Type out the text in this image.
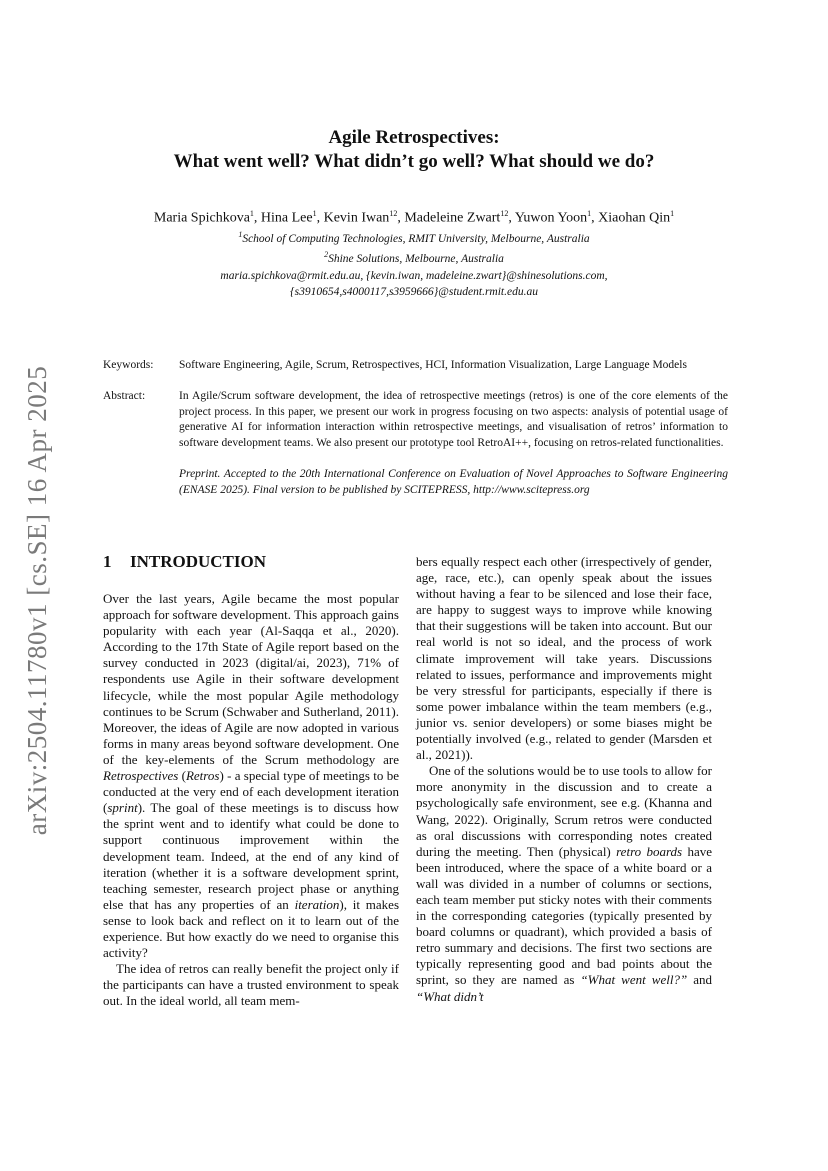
arXiv:2504.11780v1 [cs.SE] 16 Apr 2025
Agile Retrospectives:
What went well? What didn’t go well? What should we do?
Maria Spichkova$^1$, Hina Lee$^1$, Kevin Iwan$^{12}$, Madeleine Zwart$^{12}$, Yuwon Yoon$^1$, Xiaohan Qin$^1$
$^1$School of Computing Technologies, RMIT University, Melbourne, Australia
$^2$Shine Solutions, Melbourne, Australia
maria.spichkova@rmit.edu.au, {kevin.iwan, madeleine.zwart}@shinesolutions.com,
{s3910654,s4000117,s3959666}@student.rmit.edu.au
Keywords: Software Engineering, Agile, Scrum, Retrospectives, HCI, Information Visualization, Large Language Models
Abstract:	In Agile/Scrum software development, the idea of retrospective meetings (retros) is one of the core elements of the project process. In this paper, we present our work in progress focusing on two aspects: analysis of potential usage of generative AI for information interaction within retrospective meetings, and visualisation of retros’ information to software development teams. We also present our prototype tool RetroAI++, focusing on retros-related functionalities.
Preprint. Accepted to the 20th International Conference on Evaluation of Novel Approaches to Software Engineering (ENASE 2025). Final version to be published by SCITEPRESS, http://www.scitepress.org
1 INTRODUCTION

Over the last years, Agile became the most popular approach for software development. This approach gains popularity with each year (Al-Saqqa et al., 2020). According to the 17th State of Agile report based on the survey conducted in 2023 (digital/ai, 2023), 71% of respondents use Agile in their software development lifecycle, while the most popular Agile methodology continues to be Scrum (Schwaber and Sutherland, 2011). Moreover, the ideas of Agile are now adopted in various forms in many areas beyond software development. One of the key-elements of the Scrum methodology are Retrospectives (Retros) - a special type of meetings to be conducted at the very end of each development iteration (sprint). The goal of these meetings is to discuss how the sprint went and to identify what could be done to support continuous improvement within the development team. Indeed, at the end of any kind of iteration (whether it is a software development sprint, teaching semester, research project phase or anything else that has any properties of an iteration), it makes sense to look back and reflect on it to learn out of the experience. But how exactly do we need to organise this activity?

The idea of retros can really benefit the project only if the participants can have a trusted environment to speak out. In the ideal world, all team mem-

bers equally respect each other (irrespectively of gender, age, race, etc.), can openly speak about the issues without having a fear to be silenced and lose their face, are happy to suggest ways to improve while knowing that their suggestions will be taken into account. But our real world is not so ideal, and the process of work climate improvement will take years. Discussions related to issues, performance and improvements might be very stressful for participants, especially if there is some power imbalance within the team members (e.g., junior vs. senior developers) or some biases might be potentially involved (e.g., related to gender (Marsden et al., 2021)).

One of the solutions would be to use tools to allow for more anonymity in the discussion and to create a psychologically safe environment, see e.g. (Khanna and Wang, 2022). Originally, Scrum retros were conducted as oral discussions with corresponding notes created during the meeting. Then (physical) retro boards have been introduced, where the space of a white board or a wall was divided in a number of columns or sections, each team member put sticky notes with their comments in the corresponding categories (typically presented by board columns or quadrant), which provided a basis of retro summary and decisions. The first two sections are typically representing good and bad points about the sprint, so they are named as “What went well?” and “What didn’t
